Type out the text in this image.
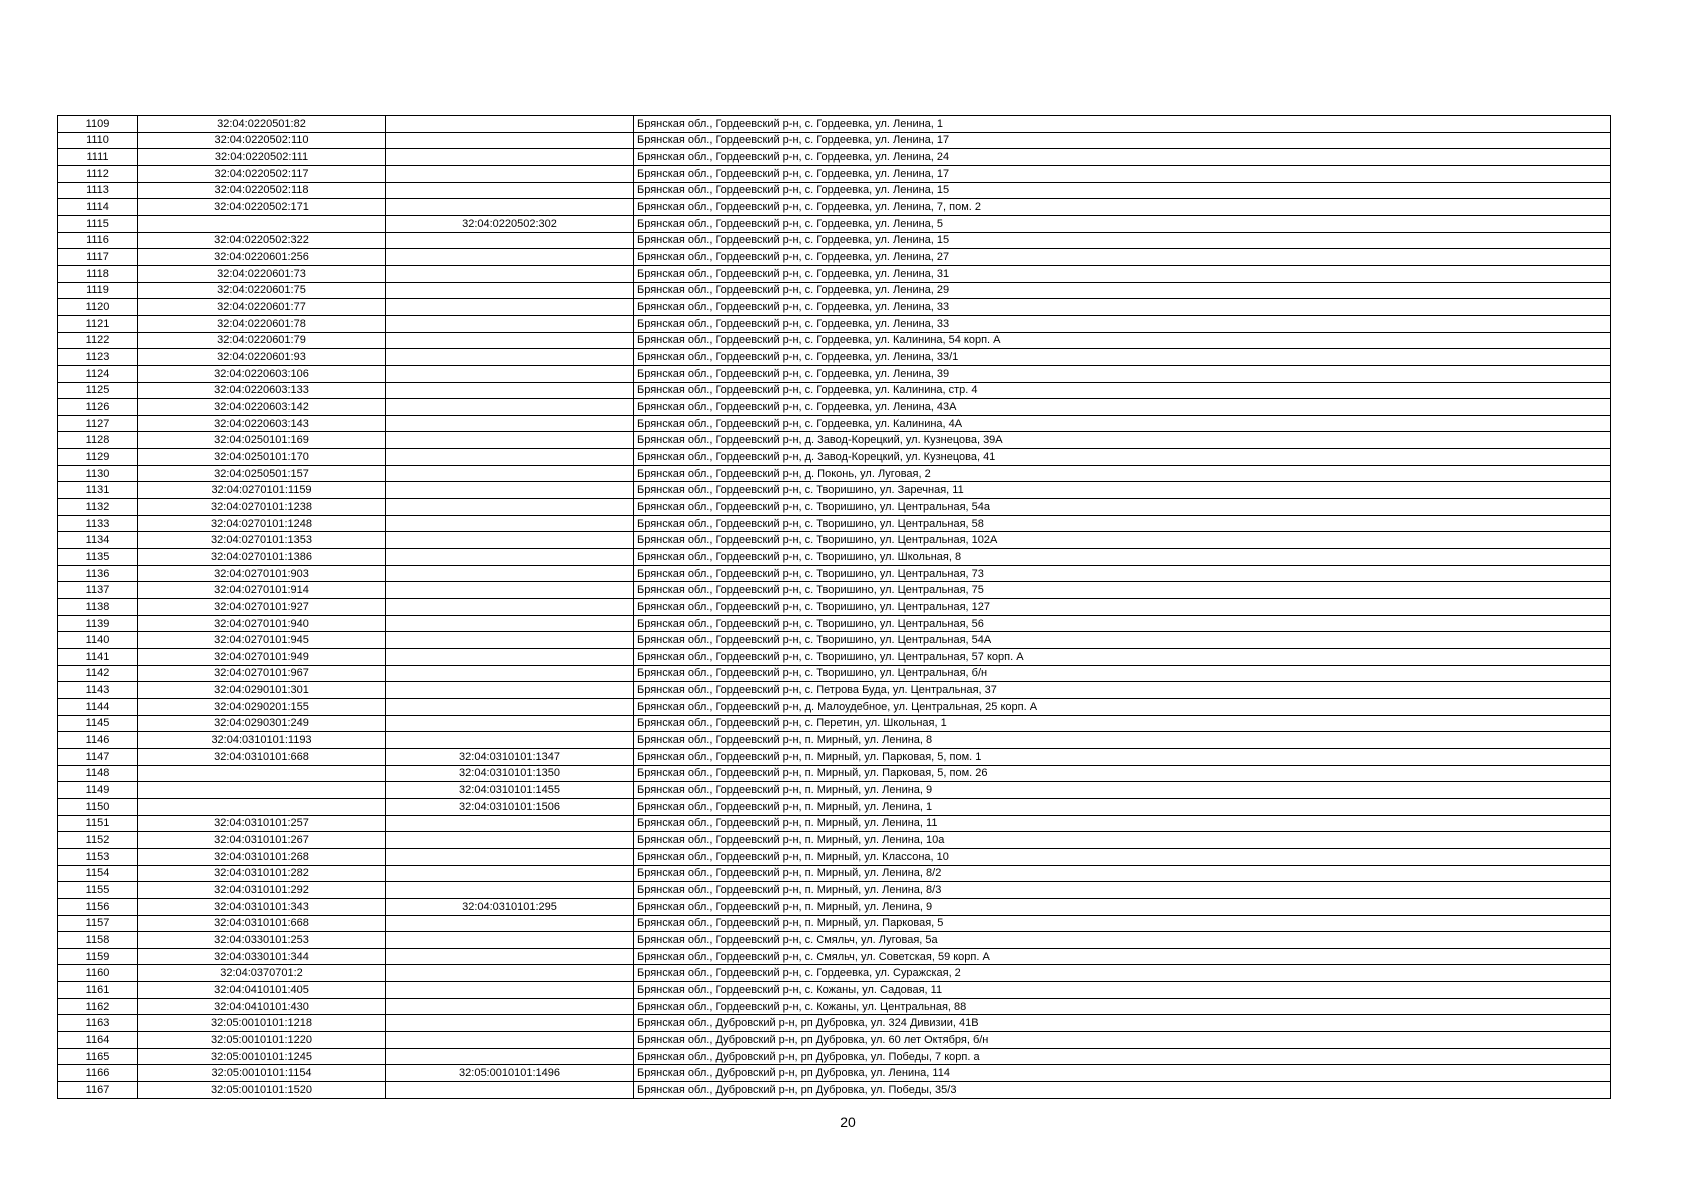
1109	32:04:0220501:82		Брянская обл., Гордеевский р-н, с. Гордеевка, ул. Ленина, 1
1110	32:04:0220502:110		Брянская обл., Гордеевский р-н, с. Гордеевка, ул. Ленина, 17
1111	32:04:0220502:111		Брянская обл., Гордеевский р-н, с. Гордеевка, ул. Ленина, 24
1112	32:04:0220502:117		Брянская обл., Гордеевский р-н, с. Гордеевка, ул. Ленина, 17
1113	32:04:0220502:118		Брянская обл., Гордеевский р-н, с. Гордеевка, ул. Ленина, 15
1114	32:04:0220502:171		Брянская обл., Гордеевский р-н, с. Гордеевка, ул. Ленина, 7, пом. 2
1115		32:04:0220502:302	Брянская обл., Гордеевский р-н, с. Гордеевка, ул. Ленина, 5
1116	32:04:0220502:322		Брянская обл., Гордеевский р-н, с. Гордеевка, ул. Ленина, 15
1117	32:04:0220601:256		Брянская обл., Гордеевский р-н, с. Гордеевка, ул. Ленина, 27
1118	32:04:0220601:73		Брянская обл., Гордеевский р-н, с. Гордеевка, ул. Ленина, 31
1119	32:04:0220601:75		Брянская обл., Гордеевский р-н, с. Гордеевка, ул. Ленина, 29
1120	32:04:0220601:77		Брянская обл., Гордеевский р-н, с. Гордеевка, ул. Ленина, 33
1121	32:04:0220601:78		Брянская обл., Гордеевский р-н, с. Гордеевка, ул. Ленина, 33
1122	32:04:0220601:79		Брянская обл., Гордеевский р-н, с. Гордеевка, ул. Калинина, 54 корп. А
1123	32:04:0220601:93		Брянская обл., Гордеевский р-н, с. Гордеевка, ул. Ленина, 33/1
1124	32:04:0220603:106		Брянская обл., Гордеевский р-н, с. Гордеевка, ул. Ленина, 39
1125	32:04:0220603:133		Брянская обл., Гордеевский р-н, с. Гордеевка, ул. Калинина, стр. 4
1126	32:04:0220603:142		Брянская обл., Гордеевский р-н, с. Гордеевка, ул. Ленина, 43А
1127	32:04:0220603:143		Брянская обл., Гордеевский р-н, с. Гордеевка, ул. Калинина, 4А
1128	32:04:0250101:169		Брянская обл., Гордеевский р-н, д. Завод-Корецкий, ул. Кузнецова, 39А
1129	32:04:0250101:170		Брянская обл., Гордеевский р-н, д. Завод-Корецкий, ул. Кузнецова, 41
1130	32:04:0250501:157		Брянская обл., Гордеевский р-н, д. Поконь, ул. Луговая, 2
1131	32:04:0270101:1159		Брянская обл., Гордеевский р-н, с. Творишино, ул. Заречная, 11
1132	32:04:0270101:1238		Брянская обл., Гордеевский р-н, с. Творишино, ул. Центральная, 54а
1133	32:04:0270101:1248		Брянская обл., Гордеевский р-н, с. Творишино, ул. Центральная, 58
1134	32:04:0270101:1353		Брянская обл., Гордеевский р-н, с. Творишино, ул. Центральная, 102А
1135	32:04:0270101:1386		Брянская обл., Гордеевский р-н, с. Творишино, ул. Школьная, 8
1136	32:04:0270101:903		Брянская обл., Гордеевский р-н, с. Творишино, ул. Центральная, 73
1137	32:04:0270101:914		Брянская обл., Гордеевский р-н, с. Творишино, ул. Центральная, 75
1138	32:04:0270101:927		Брянская обл., Гордеевский р-н, с. Творишино, ул. Центральная, 127
1139	32:04:0270101:940		Брянская обл., Гордеевский р-н, с. Творишино, ул. Центральная, 56
1140	32:04:0270101:945		Брянская обл., Гордеевский р-н, с. Творишино, ул. Центральная, 54А
1141	32:04:0270101:949		Брянская обл., Гордеевский р-н, с. Творишино, ул. Центральная, 57 корп. А
1142	32:04:0270101:967		Брянская обл., Гордеевский р-н, с. Творишино, ул. Центральная, б/н
1143	32:04:0290101:301		Брянская обл., Гордеевский р-н, с. Петрова Буда, ул. Центральная, 37
1144	32:04:0290201:155		Брянская обл., Гордеевский р-н, д. Малоудебное, ул. Центральная, 25 корп. А
1145	32:04:0290301:249		Брянская обл., Гордеевский р-н, с. Перетин, ул. Школьная, 1
1146	32:04:0310101:1193		Брянская обл., Гордеевский р-н, п. Мирный, ул. Ленина, 8
1147	32:04:0310101:668	32:04:0310101:1347	Брянская обл., Гордеевский р-н, п. Мирный, ул. Парковая, 5, пом. 1
1148		32:04:0310101:1350	Брянская обл., Гордеевский р-н, п. Мирный, ул. Парковая, 5, пом. 26
1149		32:04:0310101:1455	Брянская обл., Гордеевский р-н, п. Мирный, ул. Ленина, 9
1150		32:04:0310101:1506	Брянская обл., Гордеевский р-н, п. Мирный, ул. Ленина, 1
1151	32:04:0310101:257		Брянская обл., Гордеевский р-н, п. Мирный, ул. Ленина, 11
1152	32:04:0310101:267		Брянская обл., Гордеевский р-н, п. Мирный, ул. Ленина, 10а
1153	32:04:0310101:268		Брянская обл., Гордеевский р-н, п. Мирный, ул. Классона, 10
1154	32:04:0310101:282		Брянская обл., Гордеевский р-н, п. Мирный, ул. Ленина, 8/2
1155	32:04:0310101:292		Брянская обл., Гордеевский р-н, п. Мирный, ул. Ленина, 8/3
1156	32:04:0310101:343	32:04:0310101:295	Брянская обл., Гордеевский р-н, п. Мирный, ул. Ленина, 9
1157	32:04:0310101:668		Брянская обл., Гордеевский р-н, п. Мирный, ул. Парковая, 5
1158	32:04:0330101:253		Брянская обл., Гордеевский р-н, с. Смяльч, ул. Луговая, 5а
1159	32:04:0330101:344		Брянская обл., Гордеевский р-н, с. Смяльч, ул. Советская, 59 корп. А
1160	32:04:0370701:2		Брянская обл., Гордеевский р-н, с. Гордеевка, ул. Суражская, 2
1161	32:04:0410101:405		Брянская обл., Гордеевский р-н, с. Кожаны, ул. Садовая, 11
1162	32:04:0410101:430		Брянская обл., Гордеевский р-н, с. Кожаны, ул. Центральная, 88
1163	32:05:0010101:1218		Брянская обл., Дубровский р-н, рп Дубровка, ул. 324 Дивизии, 41В
1164	32:05:0010101:1220		Брянская обл., Дубровский р-н, рп Дубровка, ул. 60 лет Октября, б/н
1165	32:05:0010101:1245		Брянская обл., Дубровский р-н, рп Дубровка, ул. Победы, 7 корп. а
1166	32:05:0010101:1154	32:05:0010101:1496	Брянская обл., Дубровский р-н, рп Дубровка, ул. Ленина, 114
1167	32:05:0010101:1520		Брянская обл., Дубровский р-н, рп Дубровка, ул. Победы, 35/3
20
